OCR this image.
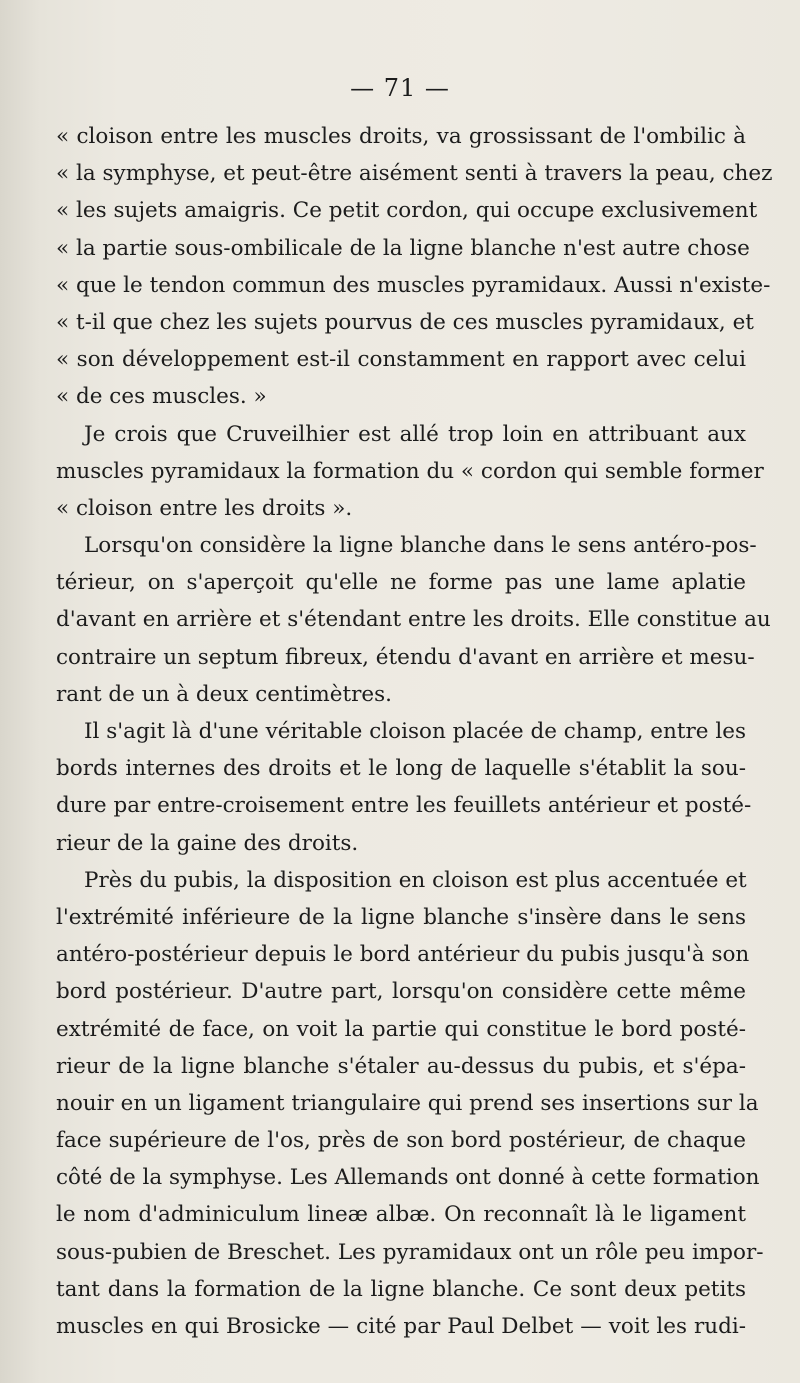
— 71 —
« cloison entre les muscles droits, va grossissant de l'ombilic à
« la symphyse, et peut-être aisément senti à travers la peau, chez
« les sujets amaigris. Ce petit cordon, qui occupe exclusivement
« la partie sous-ombilicale de la ligne blanche n'est autre chose
« que le tendon commun des muscles pyramidaux. Aussi n'existe-
« t-il que chez les sujets pourvus de ces muscles pyramidaux, et
« son développement est-il constamment en rapport avec celui
« de ces muscles. »
Je crois que Cruveilhier est allé trop loin en attribuant aux
muscles pyramidaux la formation du « cordon qui semble former
« cloison entre les droits ».
Lorsqu'on considère la ligne blanche dans le sens antéro-pos-
térieur, on s'aperçoit qu'elle ne forme pas une lame aplatie
d'avant en arrière et s'étendant entre les droits. Elle constitue au
contraire un septum fibreux, étendu d'avant en arrière et mesu-
rant de un à deux centimètres.
Il s'agit là d'une véritable cloison placée de champ, entre les
bords internes des droits et le long de laquelle s'établit la sou-
dure par entre-croisement entre les feuillets antérieur et posté-
rieur de la gaine des droits.
Près du pubis, la disposition en cloison est plus accentuée et
l'extrémité inférieure de la ligne blanche s'insère dans le sens
antéro-postérieur depuis le bord antérieur du pubis jusqu'à son
bord postérieur. D'autre part, lorsqu'on considère cette même
extrémité de face, on voit la partie qui constitue le bord posté-
rieur de la ligne blanche s'étaler au-dessus du pubis, et s'épa-
nouir en un ligament triangulaire qui prend ses insertions sur la
face supérieure de l'os, près de son bord postérieur, de chaque
côté de la symphyse. Les Allemands ont donné à cette formation
le nom d'adminiculum lineæ albæ. On reconnaît là le ligament
sous-pubien de Breschet. Les pyramidaux ont un rôle peu impor-
tant dans la formation de la ligne blanche. Ce sont deux petits
muscles en qui Brosicke — cité par Paul Delbet — voit les rudi-
